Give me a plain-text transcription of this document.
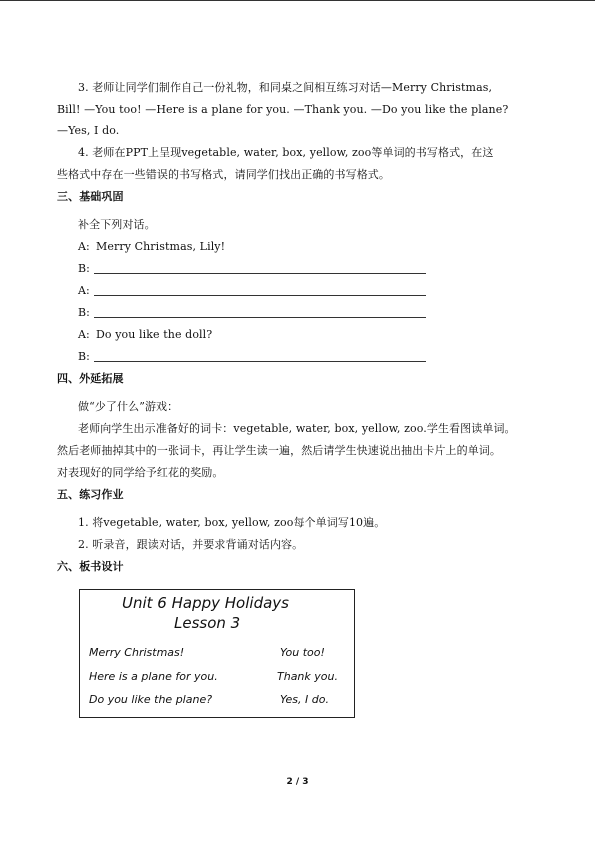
3. 老师让同学们制作自己一份礼物，和同桌之间相互练习对话—Merry Christmas,
Bill! —You too! —Here is a plane for you. —Thank you. —Do you like the plane?
—Yes, I do.
4. 老师在PPT上呈现vegetable, water, box, yellow, zoo等单词的书写格式，在这
些格式中存在一些错误的书写格式，请同学们找出正确的书写格式。
三、基础巩固
补全下列对话。
A: Merry Christmas, Lily!
B:
A:
B:
A: Do you like the doll?
B:
四、外延拓展
做“少了什么”游戏：
老师向学生出示准备好的词卡：vegetable, water, box, yellow, zoo.学生看图读单词。
然后老师抽掉其中的一张词卡，再让学生读一遍，然后请学生快速说出抽出卡片上的单词。
对表现好的同学给予红花的奖励。
五、练习作业
1. 将vegetable, water, box, yellow, zoo每个单词写10遍。
2. 听录音，跟读对话，并要求背诵对话内容。
六、板书设计
Unit 6 Happy Holidays
Lesson 3
Merry Christmas!	You too!
Here is a plane for you.	Thank you.
Do you like the plane?	Yes, I do.
2 / 3
